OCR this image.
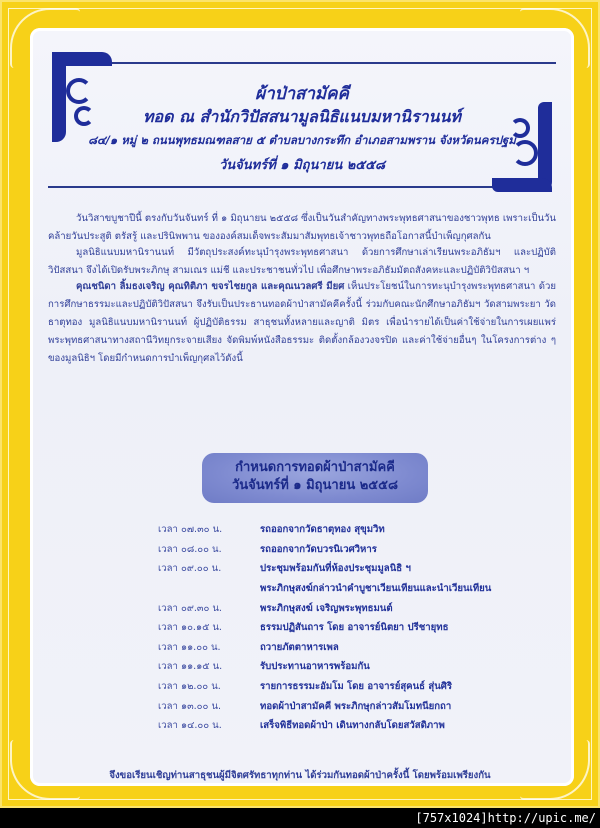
ผ้าป่าสามัคคี
ทอด ณ สำนักวิปัสสนามูลนิธิแนบมหานิรานนท์
๘๔/๑ หมู่ ๒ ถนนพุทธมณฑลสาย ๕ ตำบลบางกระทึก อำเภอสามพราน จังหวัดนครปฐม
วันจันทร์ที่ ๑ มิถุนายน ๒๕๕๘
วันวิสาขบูชาปีนี้ ตรงกับวันจันทร์ ที่ ๑ มิถุนายน ๒๕๕๘ ซึ่งเป็นวันสำคัญทางพระพุทธศาสนาของชาวพุทธ เพราะเป็นวันคล้ายวันประสูติ ตรัสรู้ และปรินิพพาน ขององค์สมเด็จพระสัมมาสัมพุทธเจ้าชาวพุทธถือโอกาสนี้บำเพ็ญกุศลกัน
มูลนิธิแนบมหานิรานนท์ มีวัตถุประสงค์ทะนุบำรุงพระพุทธศาสนา ด้วยการศึกษาเล่าเรียนพระอภิธัมฯ และปฏิบัติวิปัสสนา จึงได้เปิดรับพระภิกษุ สามเณร แม่ชี และประชาชนทั่วไป เพื่อศึกษาพระอภิธัมมัตถสังคหะและปฏิบัติวิปัสสนา ฯ
คุณชนิดา ลิ้มธงเจริญ คุณทิติภา ขจรไชยกูล และคุณนวลศรี มียศ เห็นประโยชน์ในการทะนุบำรุงพระพุทธศาสนา ด้วยการศึกษาธรรมะและปฏิบัติวิปัสสนา จึงรับเป็นประธานทอดผ้าป่าสามัคคีครั้งนี้ ร่วมกับคณะนักศึกษาอภิธัมฯ วัดสามพระยา วัดธาตุทอง มูลนิธิแนบมหานิรานนท์ ผู้ปฏิบัติธรรม สาธุชนทั้งหลายและญาติ มิตร เพื่อนำรายได้เป็นค่าใช้จ่ายในการเผยแพร่พระพุทธศาสนาทางสถานีวิทยุกระจายเสียง จัดพิมพ์หนังสือธรรมะ ติดตั้งกล้องวงจรปิด และค่าใช้จ่ายอื่นๆ ในโครงการต่าง ๆ ของมูลนิธิฯ โดยมีกำหนดการบำเพ็ญกุศลไว้ดังนี้
กำหนดการทอดผ้าป่าสามัคคี
วันจันทร์ที่ ๑ มิถุนายน ๒๕๕๘
เวลา ๐๗.๓๐ น.	รถออกจากวัดธาตุทอง สุขุมวิท
เวลา ๐๘.๐๐ น.	รถออกจากวัดบวรนิเวศวิหาร
เวลา ๐๙.๐๐ น.	ประชุมพร้อมกันที่ห้องประชุมมูลนิธิ ฯ
พระภิกษุสงฆ์กล่าวนำคำบูชาเวียนเทียนและนำเวียนเทียน
เวลา ๐๙.๓๐ น.	พระภิกษุสงฆ์ เจริญพระพุทธมนต์
เวลา ๑๐.๑๕ น.	ธรรมปฏิสันถาร โดย อาจารย์นิตยา ปรีชายุทธ
เวลา ๑๑.๐๐ น.	ถวายภัตตาหารเพล
เวลา ๑๑.๑๕ น.	รับประทานอาหารพร้อมกัน
เวลา ๑๒.๐๐ น.	รายการธรรมะอัมโม โดย อาจารย์สุคนธ์ สุ่นศิริ
เวลา ๑๓.๐๐ น.	ทอดผ้าป่าสามัคคี พระภิกษุกล่าวสัมโมทนียกถา
เวลา ๑๔.๐๐ น.	เสร็จพิธีทอดผ้าป่า เดินทางกลับโดยสวัสดิภาพ
จึงขอเรียนเชิญท่านสาธุชนผู้มีจิตศรัทธาทุกท่าน ได้ร่วมกันทอดผ้าป่าครั้งนี้ โดยพร้อมเพรียงกัน
[757x1024]http://upic.me/
